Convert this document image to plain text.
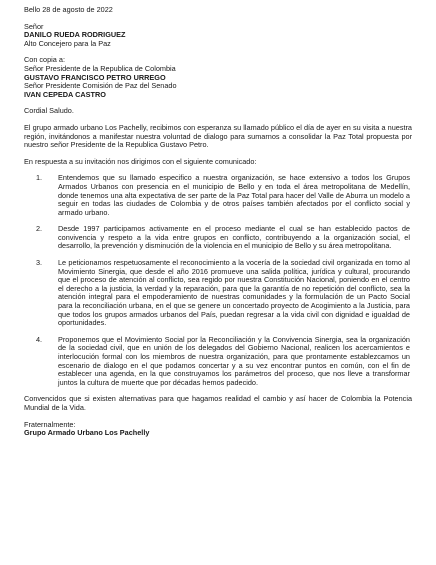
Bello 28 de agosto de 2022

Señor
DANILO RUEDA RODRIGUEZ
Alto Concejero para la Paz
Con copia a:
Señor Presidente de la Republica de Colombia
GUSTAVO FRANCISCO PETRO URREGO
Señor Presidente Comisión de Paz del Senado
IVAN CEPEDA CASTRO

Cordial Saludo.

El grupo armado urbano Los Pachelly, recibimos con esperanza su llamado público el día de ayer en su visita a nuestra región, invitándonos a manifestar nuestra voluntad de dialogo para sumarnos a consolidar la Paz Total propuesta por nuestro señor Presidente de la Republica Gustavo Petro.

En respuesta a su invitación nos dirigimos con el siguiente comunicado:

1.	Entendemos que su llamado especifico a nuestra organización, se hace extensivo a todos los Grupos Armados Urbanos con presencia en el municipio de Bello y en toda el área metropolitana de Medellín, donde tenemos una alta expectativa de ser parte de la Paz Total para hacer del Valle de Aburra un modelo a seguir en todas las ciudades de Colombia y de otros países también afectados por el conflicto social y armado urbano.
2.	Desde 1997 participamos activamente en el proceso mediante el cual se han establecido pactos de convivencia y respeto a la vida entre grupos en conflicto, contribuyendo a la organización social, el desarrollo, la prevención y disminución de la violencia en el municipio de Bello y su área metropolitana.
3.	Le peticionamos respetuosamente el reconocimiento a la vocería de la sociedad civil organizada en torno al Movimiento Sinergia, que desde el año 2016 promueve una salida política, jurídica y cultural, procurando que el proceso de atención al conflicto, sea regido por nuestra Constitución Nacional, poniendo en el centro el derecho a la justicia, la verdad y la reparación, para que la garantía de no repetición del conflicto, sea la atención integral para el empoderamiento de nuestras comunidades y la formulación de un Pacto Social para la reconciliación urbana, en el que se genere un concertado proyecto de Acogimiento a la Justicia, para que todos los grupos armados urbanos del País, puedan regresar a la vida civil con dignidad e igualdad de oportunidades.
4.	Proponemos que el Movimiento Social por la Reconciliación y la Convivencia Sinergia, sea la organización de la sociedad civil, que en unión de los delegados del Gobierno Nacional, realicen los acercamientos e interlocución formal con los miembros de nuestra organización, para que prontamente establezcamos un escenario de dialogo en el que podamos concertar y a su vez encontrar puntos en común, con el fin de establecer una agenda, en la que construyamos los parámetros del proceso, que nos lleve a transformar juntos la cultura de muerte que por décadas hemos padecido.

Convencidos que si existen alternativas para que hagamos realidad el cambio y así hacer de Colombia la Potencia Mundial de la Vida.

Fraternalmente:

Grupo Armado Urbano Los Pachelly
